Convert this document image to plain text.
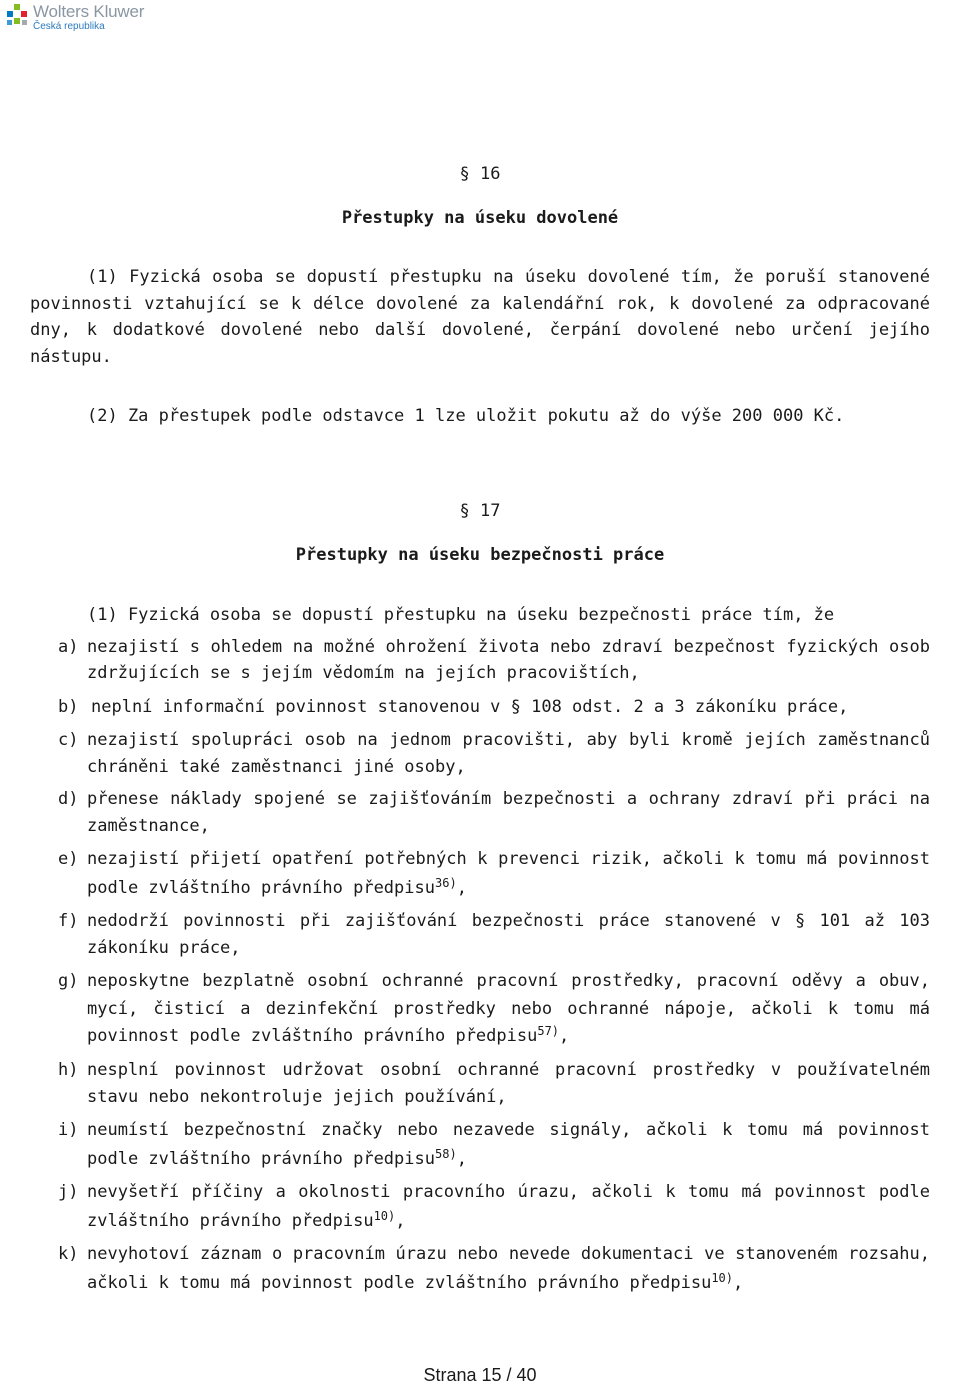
Wolters Kluwer
Česká republika
§ 16
Přestupky na úseku dovolené
(1) Fyzická osoba se dopustí přestupku na úseku dovolené tím, že poruší stanovené povinnosti vztahující se k délce dovolené za kalendářní rok, k dovolené za odpracované dny, k dodatkové dovolené nebo další dovolené, čerpání dovolené nebo určení jejího nástupu.
(2) Za přestupek podle odstavce 1 lze uložit pokutu až do výše 200 000 Kč.
§ 17
Přestupky na úseku bezpečnosti práce
(1) Fyzická osoba se dopustí přestupku na úseku bezpečnosti práce tím, že
a) nezajistí s ohledem na možné ohrožení života nebo zdraví bezpečnost fyzických osob zdržujících se s jejím vědomím na jejích pracovištích,
b) neplní informační povinnost stanovenou v § 108 odst. 2 a 3 zákoníku práce,
c) nezajistí spolupráci osob na jednom pracovišti, aby byli kromě jejích zaměstnanců chráněni také zaměstnanci jiné osoby,
d) přenese náklady spojené se zajišťováním bezpečnosti a ochrany zdraví při práci na zaměstnance,
e) nezajistí přijetí opatření potřebných k prevenci rizik, ačkoli k tomu má povinnost podle zvláštního právního předpisu$^{36)}$,
f) nedodrží povinnosti při zajišťování bezpečnosti práce stanovené v § 101 až 103 zákoníku práce,
g) neposkytne bezplatně osobní ochranné pracovní prostředky, pracovní oděvy a obuv, mycí, čisticí a dezinfekční prostředky nebo ochranné nápoje, ačkoli k tomu má povinnost podle zvláštního právního předpisu$^{57)}$,
h) nesplní povinnost udržovat osobní ochranné pracovní prostředky v používatelném stavu nebo nekontroluje jejich používání,
i) neumístí bezpečnostní značky nebo nezavede signály, ačkoli k tomu má povinnost podle zvláštního právního předpisu$^{58)}$,
j) nevyšetří příčiny a okolnosti pracovního úrazu, ačkoli k tomu má povinnost podle zvláštního právního předpisu$^{10)}$,
k) nevyhotoví záznam o pracovním úrazu nebo nevede dokumentaci ve stanoveném rozsahu, ačkoli k tomu má povinnost podle zvláštního právního předpisu$^{10)}$,
Strana 15 / 40
